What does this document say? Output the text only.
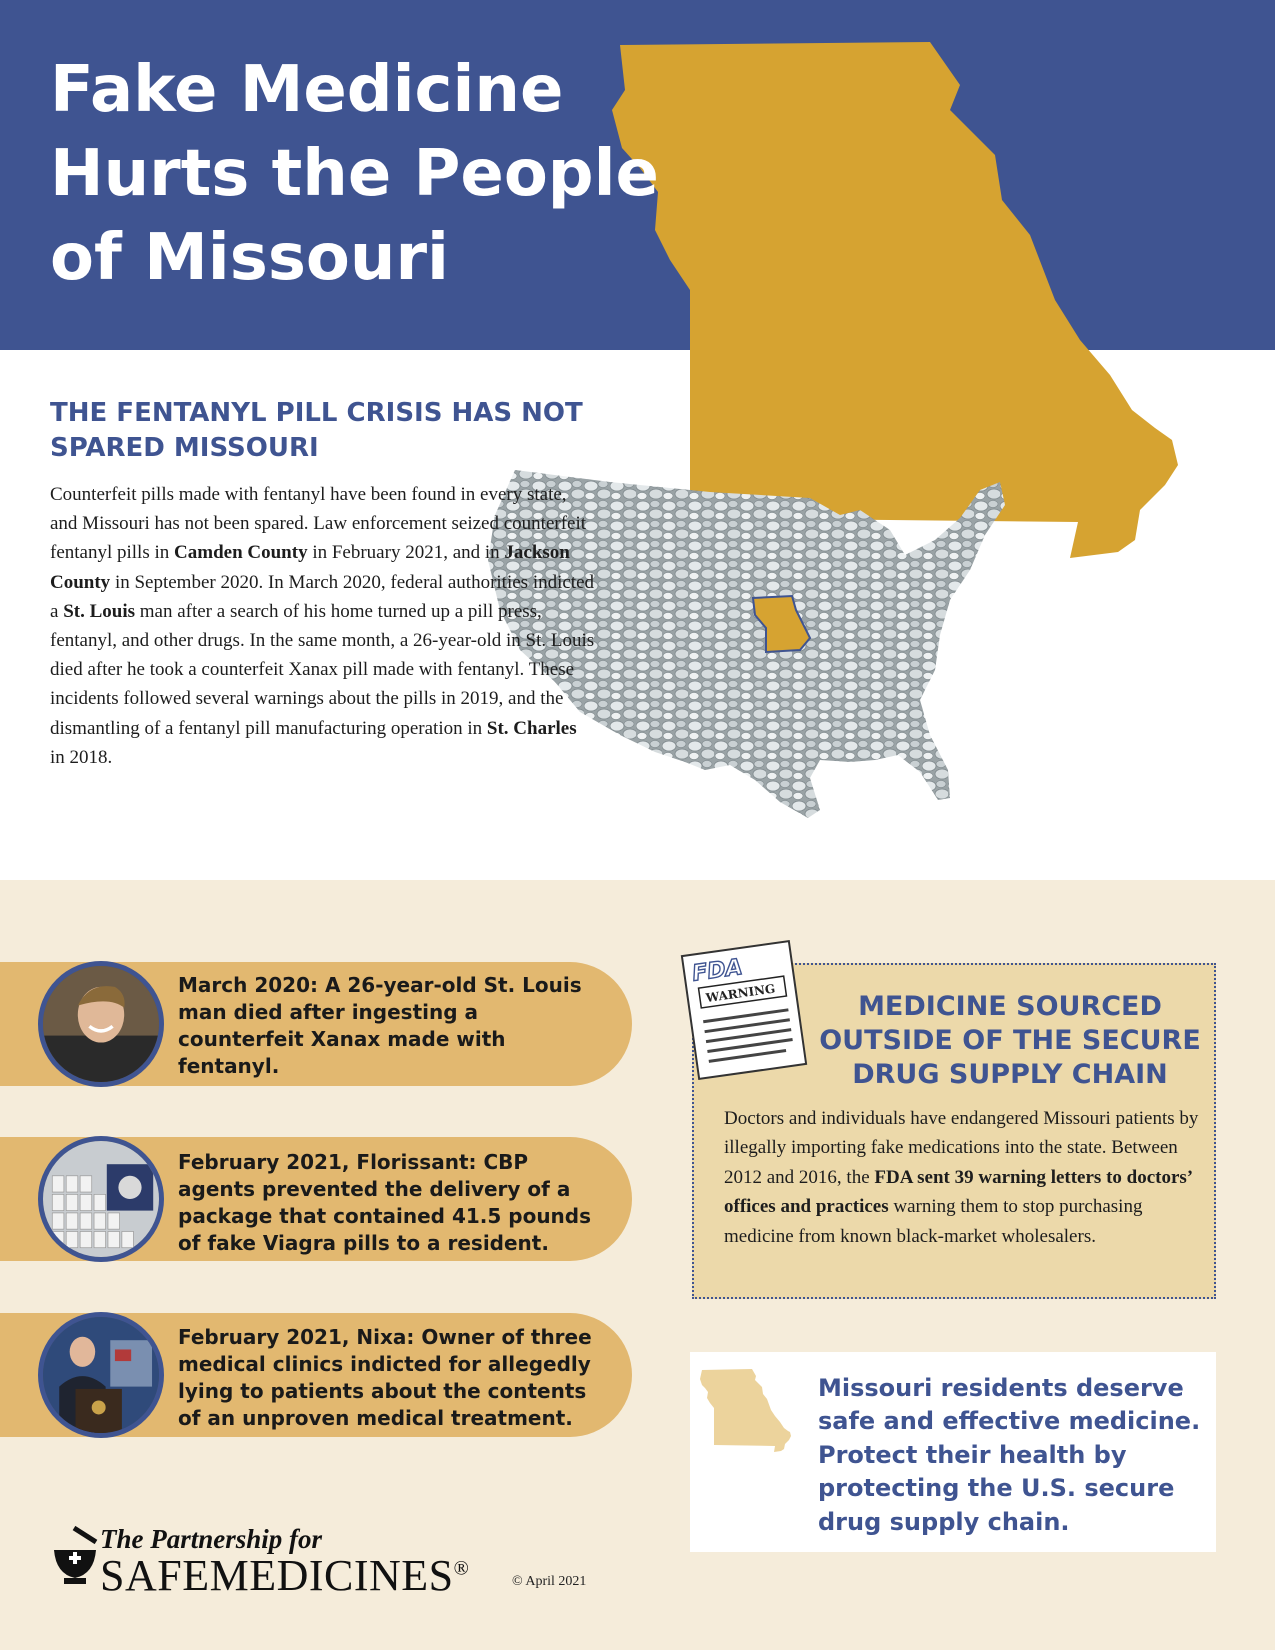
Fake Medicine
Hurts the People
of Missouri
THE FENTANYL PILL CRISIS HAS NOT SPARED MISSOURI
Counterfeit pills made with fentanyl have been found in every state, and Missouri has not been spared. Law enforcement seized counterfeit fentanyl pills in Camden County in February 2021, and in Jackson County in September 2020. In March 2020, federal authorities indicted a St. Louis man after a search of his home turned up a pill press, fentanyl, and other drugs. In the same month, a 26-year-old in St. Louis died after he took a counterfeit Xanax pill made with fentanyl. These incidents followed several warnings about the pills in 2019, and the dismantling of a fentanyl pill manufacturing operation in St. Charles in 2018.
March 2020: A 26-year-old St. Louis man died after ingesting a counterfeit Xanax made with fentanyl.
February 2021, Florissant: CBP agents prevented the delivery of a package that contained 41.5 pounds of fake Viagra pills to a resident.
February 2021, Nixa: Owner of three medical clinics indicted for allegedly lying to patients about the contents of an unproven medical treatment.
FDA
WARNING	MEDICINE SOURCED
OUTSIDE OF THE SECURE
DRUG SUPPLY CHAIN
Doctors and individuals have endangered Missouri patients by illegally importing fake medications into the state. Between 2012 and 2016, the FDA sent 39 warning letters to doctors’ offices and practices warning them to stop purchasing medicine from known black-market wholesalers.
Missouri residents deserve safe and effective medicine. Protect their health by protecting the U.S. secure drug supply chain.
The Partnership for
SAFEMEDICINES®
© April 2021
